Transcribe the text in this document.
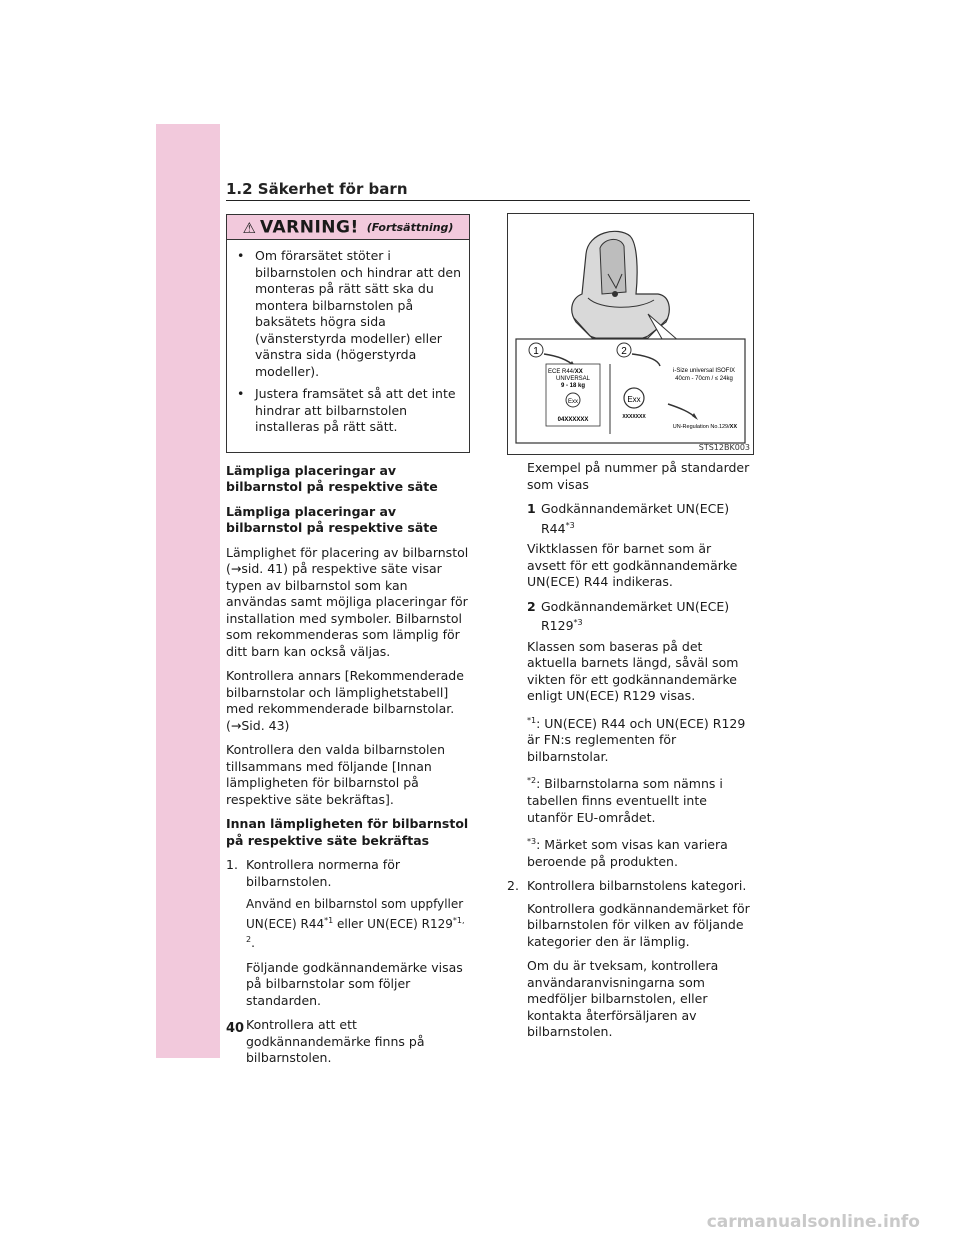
1.2 Säkerhet för barn
⚠ VARNING! (Fortsättning)
• Om förarsätet stöter i bilbarnstolen och hindrar att den monteras på rätt sätt ska du montera bilbarnstolen på baksätets högra sida (vänsterstyrda modeller) eller vänstra sida (högerstyrda modeller).
• Justera framsätet så att det inte hindrar att bilbarnstolen installeras på rätt sätt.

Lämpliga placeringar av bilbarnstol på respektive säte

Lämpliga placeringar av bilbarnstol på respektive säte

Lämplighet för placering av bilbarnstol (→sid. 41) på respektive säte visar typen av bilbarnstol som kan användas samt möjliga placeringar för installation med symboler. Bilbarnstol som rekommenderas som lämplig för ditt barn kan också väljas.

Kontrollera annars [Rekommenderade bilbarnstolar och lämplighetstabell] med rekommenderade bilbarnstolar. (→Sid. 43)

Kontrollera den valda bilbarnstolen tillsammans med följande [Innan lämpligheten för bilbarnstol på respektive säte bekräftas].

Innan lämpligheten för bilbarnstol på respektive säte bekräftas

1. Kontrollera normerna för bilbarnstolen.

Använd en bilbarnstol som uppfyller UN(ECE) R44$^{*1}$ eller UN(ECE) R129$^{*1, 2}$.

Följande godkännandemärke visas på bilbarnstolar som följer standarden.

Kontrollera att ett godkännandemärke finns på bilbarnstolen.

1	2
ECE R44/XX
UNIVERSAL
9 - 18 kg
Exx
04XXXXXX
i-Size universal ISOFIX
40cm - 70cm / ≤ 24kg
Exx
XXXXXXX
UN-Regulation No.129/XX
STS12BK003

Exempel på nummer på standarder som visas

1 Godkännandemärket UN(ECE) R44$^{*3}$

Viktklassen för barnet som är avsett för ett godkännandemärke UN(ECE) R44 indikeras.

2 Godkännandemärket UN(ECE) R129$^{*3}$

Klassen som baseras på det aktuella barnets längd, såväl som vikten för ett godkännandemärke enligt UN(ECE) R129 visas.

$^{*1}$: UN(ECE) R44 och UN(ECE) R129 är FN:s reglementen för bilbarnstolar.

$^{*2}$: Bilbarnstolarna som nämns i tabellen finns eventuellt inte utanför EU-området.

$^{*3}$: Märket som visas kan variera beroende på produkten.

2. Kontrollera bilbarnstolens kategori.

Kontrollera godkännandemärket för bilbarnstolen för vilken av följande kategorier den är lämplig.

Om du är tveksam, kontrollera användaranvisningarna som medföljer bilbarnstolen, eller kontakta återförsäljaren av bilbarnstolen.

40
carmanualsonline.info
